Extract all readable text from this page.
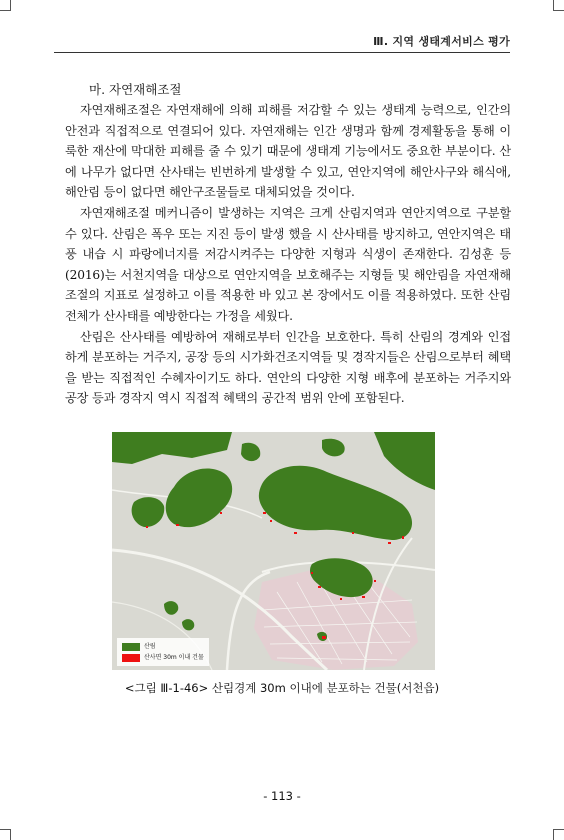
Ⅲ. 지역 생태계서비스 평가

마. 자연재해조절

자연재해조절은 자연재해에 의해 피해를 저감할 수 있는 생태계 능력으로, 인간의 안전과 직접적으로 연결되어 있다. 자연재해는 인간 생명과 함께 경제활동을 통해 이룩한 재산에 막대한 피해를 줄 수 있기 때문에 생태계 기능에서도 중요한 부분이다. 산에 나무가 없다면 산사태는 빈번하게 발생할 수 있고, 연안지역에 해안사구와 해식애, 해안림 등이 없다면 해안구조물들로 대체되었을 것이다.

자연재해조절 메커니즘이 발생하는 지역은 크게 산림지역과 연안지역으로 구분할 수 있다. 산림은 폭우 또는 지진 등이 발생 했을 시 산사태를 방지하고, 연안지역은 태풍 내습 시 파랑에너지를 저감시켜주는 다양한 지형과 식생이 존재한다. 김성훈 등(2016)는 서천지역을 대상으로 연안지역을 보호해주는 지형들 및 해안림을 자연재해조절의 지표로 설정하고 이를 적용한 바 있고 본 장에서도 이를 적용하였다. 또한 산림 전체가 산사태를 예방한다는 가정을 세웠다.

산림은 산사태를 예방하여 재해로부터 인간을 보호한다. 특히 산림의 경계와 인접하게 분포하는 거주지, 공장 등의 시가화건조지역들 및 경작지들은 산림으로부터 혜택을 받는 직접적인 수혜자이기도 하다. 연안의 다양한 지형 배후에 분포하는 거주지와 공장 등과 경작지 역시 직접적 혜택의 공간적 범위 안에 포함된다.

산림
산사면 30m 이내 건물
<그림 Ⅲ-1-46> 산림경계 30m 이내에 분포하는 건물(서천읍)
- 113 -
